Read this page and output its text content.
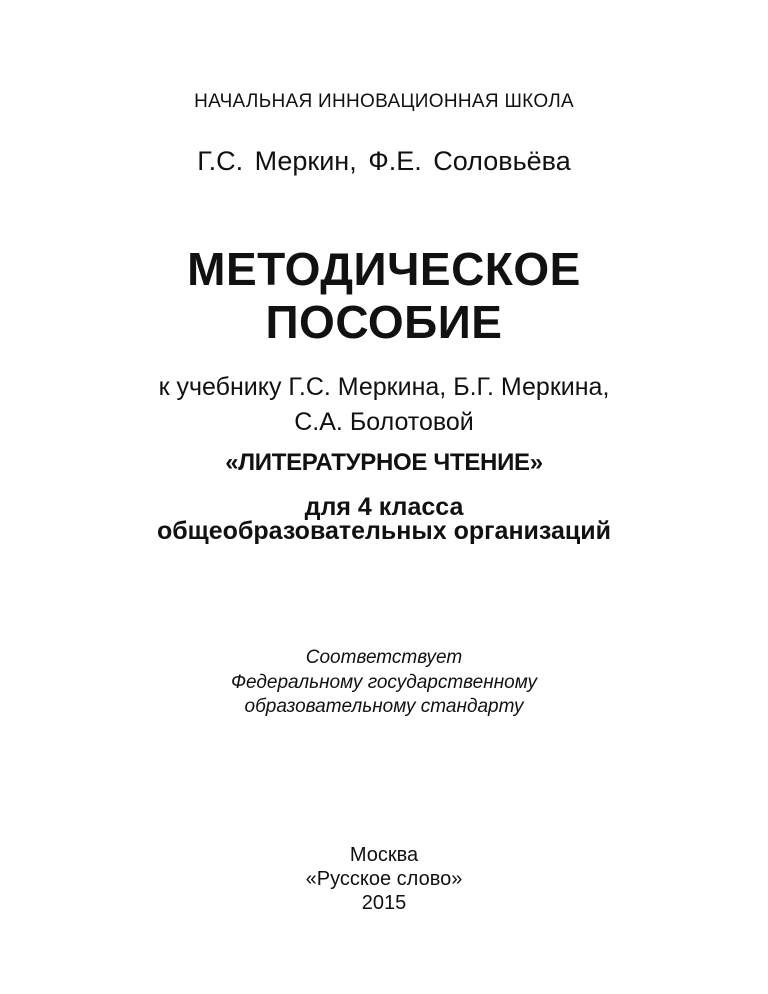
НАЧАЛЬНАЯ ИННОВАЦИОННАЯ ШКОЛА
Г.С. Меркин, Ф.Е. Соловьёва
МЕТОДИЧЕСКОЕ
ПОСОБИЕ
к учебнику Г.С. Меркина, Б.Г. Меркина,
С.А. Болотовой
«ЛИТЕРАТУРНОЕ ЧТЕНИЕ»
для 4 класса
общеобразовательных организаций
Соответствует
Федеральному государственному
образовательному стандарту
Москва
«Русское слово»
2015
